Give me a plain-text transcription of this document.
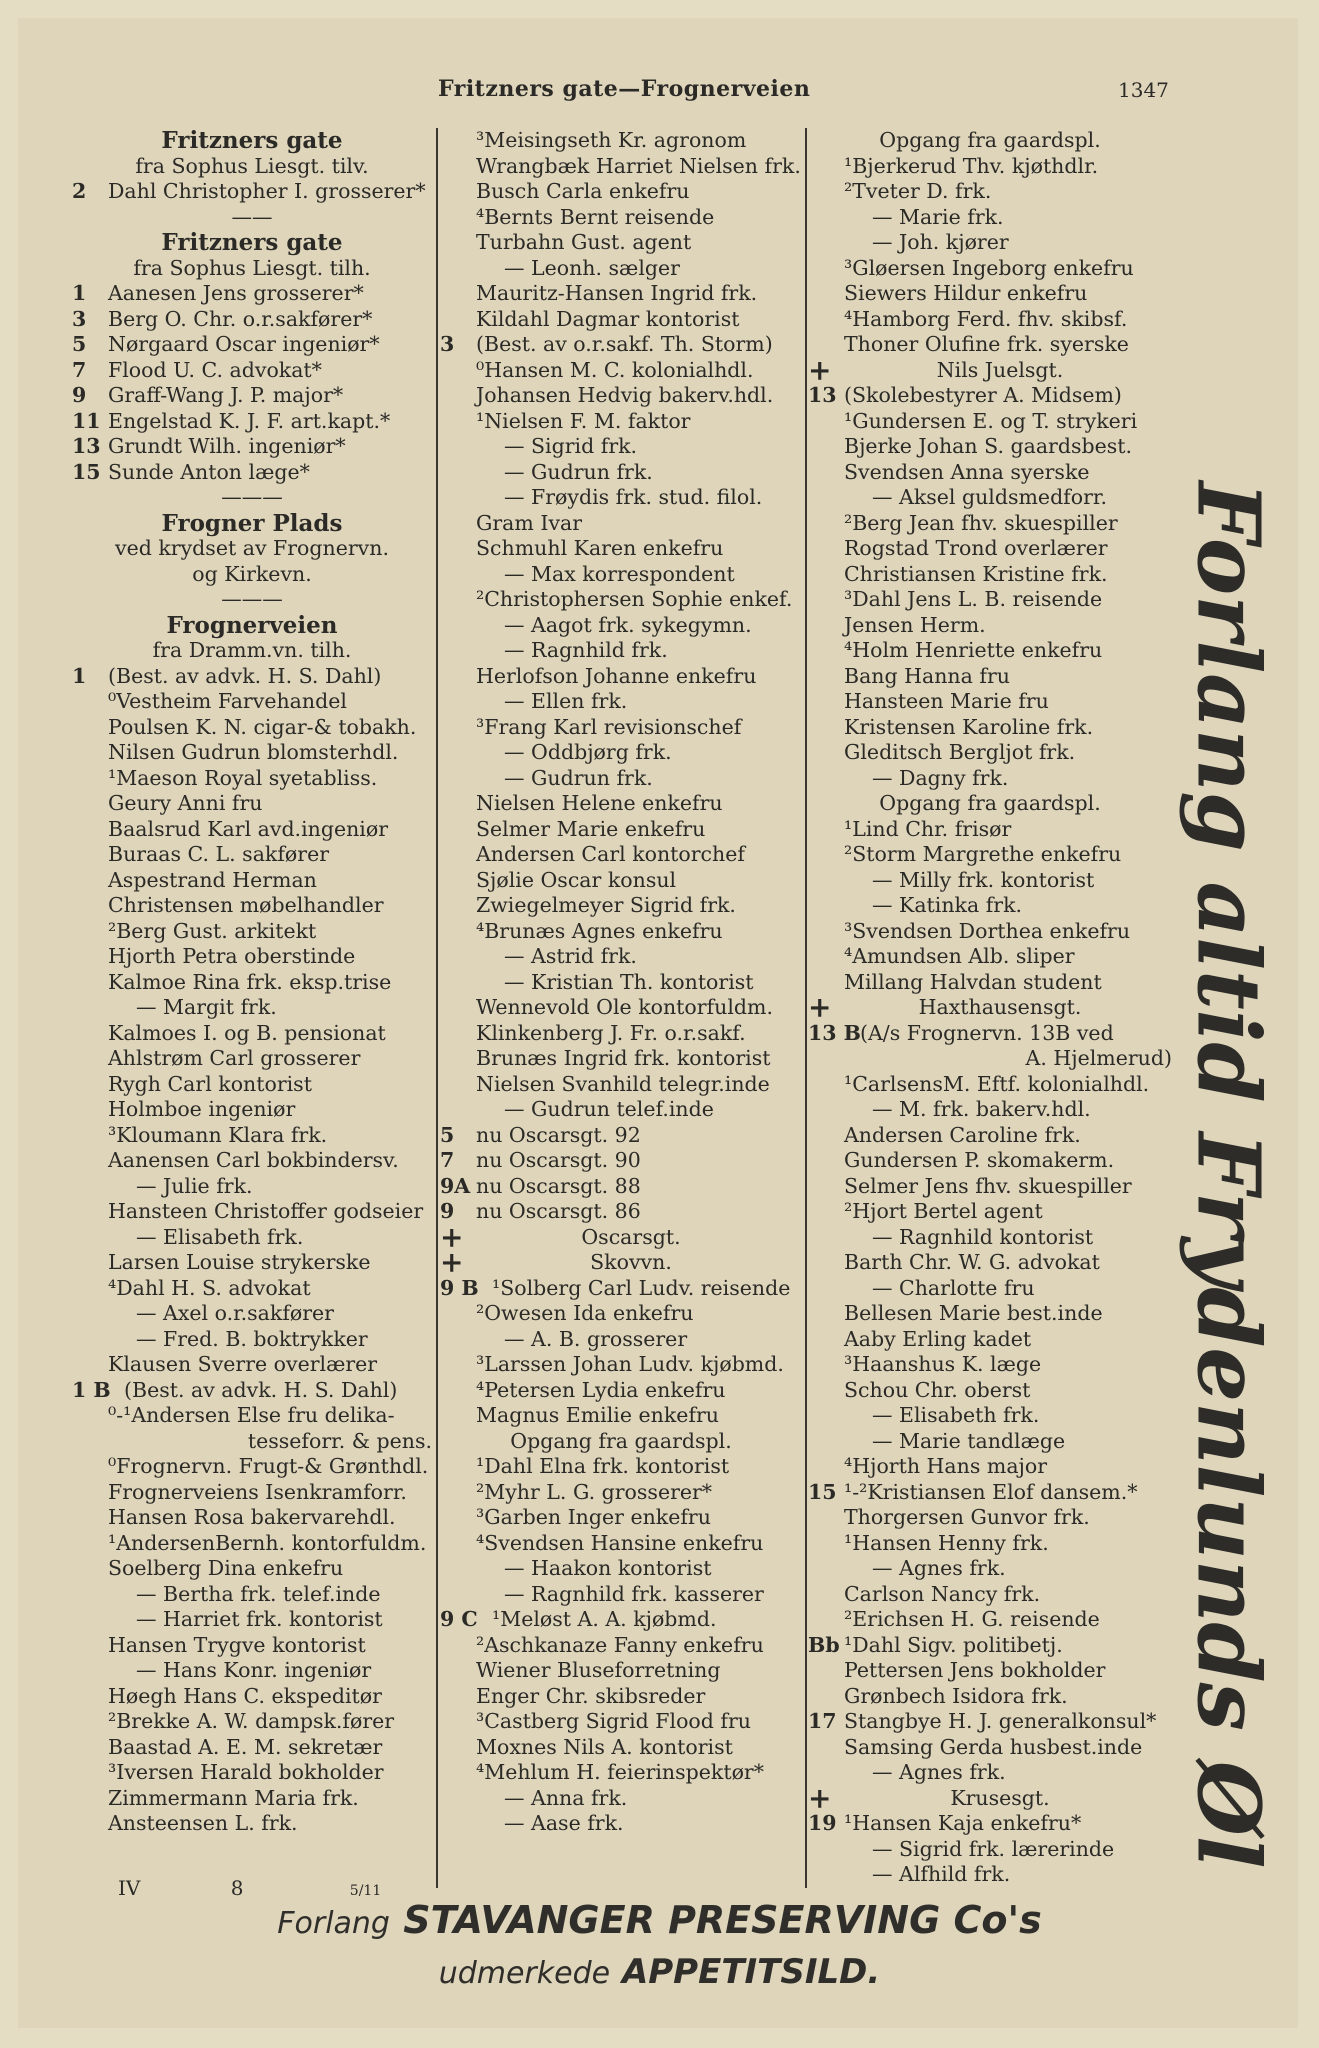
Fritzners gate—Frognerveien	1347
Fritzners gate
fra Sophus Liesgt. tilv.
2 Dahl Christopher I. grosserer*
——
Fritzners gate
fra Sophus Liesgt. tilh.
1 Aanesen Jens grosserer*
3 Berg O. Chr. o.r.sakfører*
5 Nørgaard Oscar ingeniør*
7 Flood U. C. advokat*
9 Graff-Wang J. P. major*
11 Engelstad K. J. F. art.kapt.*
13 Grundt Wilh. ingeniør*
15 Sunde Anton læge*
———
Frogner Plads
ved krydset av Frognervn.
og Kirkevn.
———
Frognerveien
fra Dramm.vn. tilh.
1 (Best. av advk. H. S. Dahl)
⁰Vestheim Farvehandel
Poulsen K. N. cigar-& tobakh.
Nilsen Gudrun blomsterhdl.
¹Maeson Royal syetabliss.
Geury Anni fru
Baalsrud Karl avd.ingeniør
Buraas C. L. sakfører
Aspestrand Herman
Christensen møbelhandler
²Berg Gust. arkitekt
Hjorth Petra oberstinde
Kalmoe Rina frk. eksp.trise
— Margit frk.
Kalmoes I. og B. pensionat
Ahlstrøm Carl grosserer
Rygh Carl kontorist
Holmboe ingeniør
³Kloumann Klara frk.
Aanensen Carl bokbindersv.
— Julie frk.
Hansteen Christoffer godseier
— Elisabeth frk.
Larsen Louise strykerske
⁴Dahl H. S. advokat
— Axel o.r.sakfører
— Fred. B. boktrykker
Klausen Sverre overlærer
1 B (Best. av advk. H. S. Dahl)
⁰-¹Andersen Else fru delika-
tesseforr. & pens.
⁰Frognervn. Frugt-& Grønthdl.
Frognerveiens Isenkramforr.
Hansen Rosa bakervarehdl.
¹AndersenBernh. kontorfuldm.
Soelberg Dina enkefru
— Bertha frk. telef.inde
— Harriet frk. kontorist
Hansen Trygve kontorist
— Hans Konr. ingeniør
Høegh Hans C. ekspeditør
²Brekke A. W. dampsk.fører
Baastad A. E. M. sekretær
³Iversen Harald bokholder
Zimmermann Maria frk.
Ansteensen L. frk.
³Meisingseth Kr. agronom
Wrangbæk Harriet Nielsen frk.
Busch Carla enkefru
⁴Bernts Bernt reisende
Turbahn Gust. agent
— Leonh. sælger
Mauritz-Hansen Ingrid frk.
Kildahl Dagmar kontorist
3 (Best. av o.r.sakf. Th. Storm)
⁰Hansen M. C. kolonialhdl.
Johansen Hedvig bakerv.hdl.
¹Nielsen F. M. faktor
— Sigrid frk.
— Gudrun frk.
— Frøydis frk. stud. filol.
Gram Ivar
Schmuhl Karen enkefru
— Max korrespondent
²Christophersen Sophie enkef.
— Aagot frk. sykegymn.
— Ragnhild frk.
Herlofson Johanne enkefru
— Ellen frk.
³Frang Karl revisionschef
— Oddbjørg frk.
— Gudrun frk.
Nielsen Helene enkefru
Selmer Marie enkefru
Andersen Carl kontorchef
Sjølie Oscar konsul
Zwiegelmeyer Sigrid frk.
⁴Brunæs Agnes enkefru
— Astrid frk.
— Kristian Th. kontorist
Wennevold Ole kontorfuldm.
Klinkenberg J. Fr. o.r.sakf.
Brunæs Ingrid frk. kontorist
Nielsen Svanhild telegr.inde
— Gudrun telef.inde
5 nu Oscarsgt. 92
7 nu Oscarsgt. 90
9A nu Oscarsgt. 88
9 nu Oscarsgt. 86
+	Oscarsgt.
+	Skovvn.
9 B ¹Solberg Carl Ludv. reisende
²Owesen Ida enkefru
— A. B. grosserer
³Larssen Johan Ludv. kjøbmd.
⁴Petersen Lydia enkefru
Magnus Emilie enkefru
Opgang fra gaardspl.
¹Dahl Elna frk. kontorist
²Myhr L. G. grosserer*
³Garben Inger enkefru
⁴Svendsen Hansine enkefru
— Haakon kontorist
— Ragnhild frk. kasserer
9 C ¹Meløst A. A. kjøbmd.
²Aschkanaze Fanny enkefru
Wiener Bluseforretning
Enger Chr. skibsreder
³Castberg Sigrid Flood fru
Moxnes Nils A. kontorist
⁴Mehlum H. feierinspektør*
— Anna frk.
— Aase frk.
Opgang fra gaardspl.
¹Bjerkerud Thv. kjøthdlr.
²Tveter D. frk.
— Marie frk.
— Joh. kjører
³Gløersen Ingeborg enkefru
Siewers Hildur enkefru
⁴Hamborg Ferd. fhv. skibsf.
Thoner Olufine frk. syerske
+	Nils Juelsgt.
13 (Skolebestyrer A. Midsem)
¹Gundersen E. og T. strykeri
Bjerke Johan S. gaardsbest.
Svendsen Anna syerske
— Aksel guldsmedforr.
²Berg Jean fhv. skuespiller
Rogstad Trond overlærer
Christiansen Kristine frk.
³Dahl Jens L. B. reisende
Jensen Herm.
⁴Holm Henriette enkefru
Bang Hanna fru
Hansteen Marie fru
Kristensen Karoline frk.
Gleditsch Bergljot frk.
— Dagny frk.
Opgang fra gaardspl.
¹Lind Chr. frisør
²Storm Margrethe enkefru
— Milly frk. kontorist
— Katinka frk.
³Svendsen Dorthea enkefru
⁴Amundsen Alb. sliper
Millang Halvdan student
+	Haxthausensgt.
13 B (A/s Frognervn. 13B ved
A. Hjelmerud)
¹CarlsensM. Eftf. kolonialhdl.
— M. frk. bakerv.hdl.
Andersen Caroline frk.
Gundersen P. skomakerm.
Selmer Jens fhv. skuespiller
²Hjort Bertel agent
— Ragnhild kontorist
Barth Chr. W. G. advokat
— Charlotte fru
Bellesen Marie best.inde
Aaby Erling kadet
³Haanshus K. læge
Schou Chr. oberst
— Elisabeth frk.
— Marie tandlæge
⁴Hjorth Hans major
15 ¹-²Kristiansen Elof dansem.*
Thorgersen Gunvor frk.
¹Hansen Henny frk.
— Agnes frk.
Carlson Nancy frk.
²Erichsen H. G. reisende
Bb ¹Dahl Sigv. politibetj.
Pettersen Jens bokholder
Grønbech Isidora frk.
17 Stangbye H. J. generalkonsul*
Samsing Gerda husbest.inde
— Agnes frk.
+	Krusesgt.
19 ¹Hansen Kaja enkefru*
— Sigrid frk. lærerinde
— Alfhild frk.
Forlang altid Frydenlunds Øl
IV	8	5/11
Forlang STAVANGER PRESERVING Co's
udmerkede APPETITSILD.
